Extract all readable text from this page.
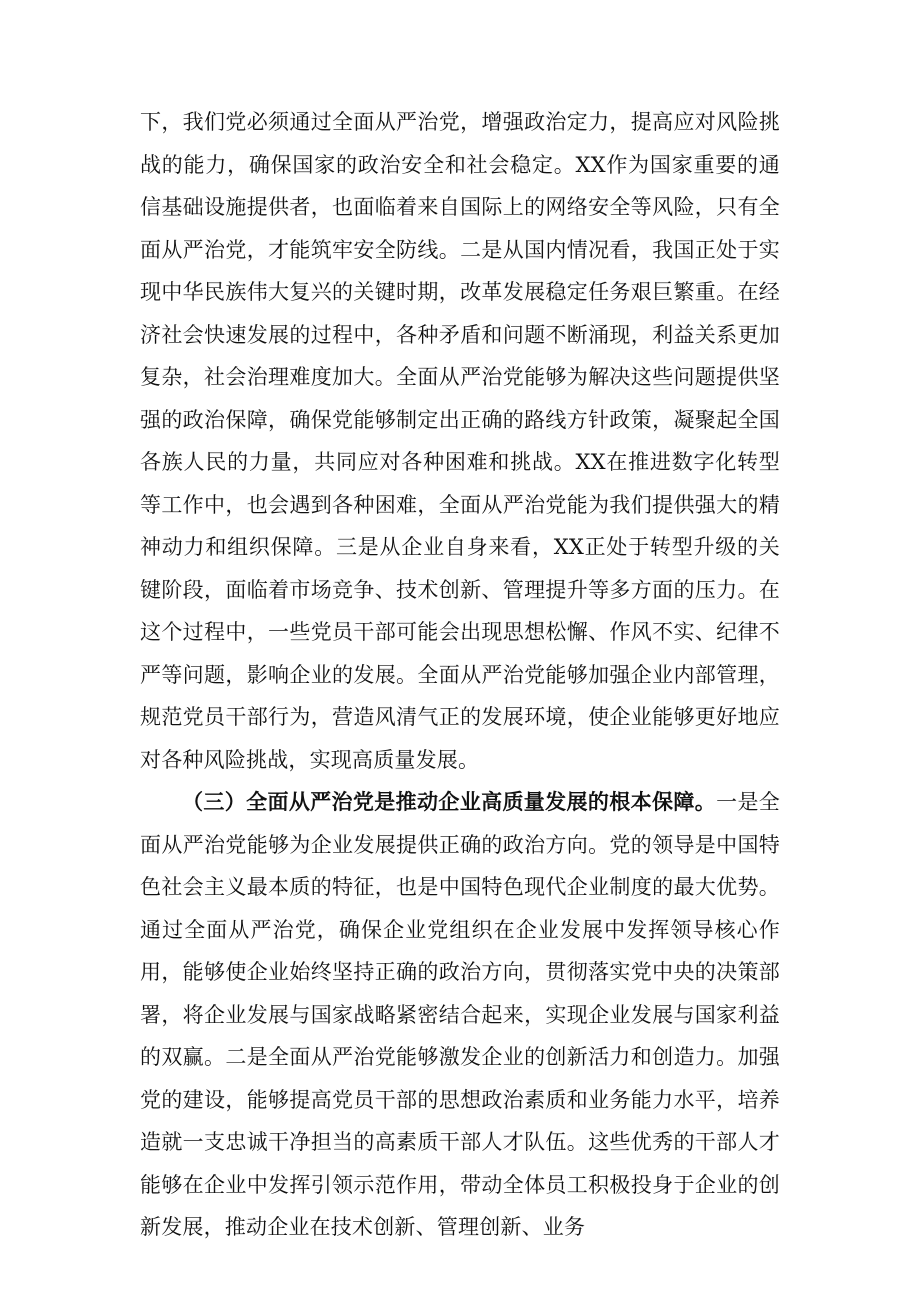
下，我们党必须通过全面从严治党，增强政治定力，提高应对风险挑战的能力，确保国家的政治安全和社会稳定。XX作为国家重要的通信基础设施提供者，也面临着来自国际上的网络安全等风险，只有全面从严治党，才能筑牢安全防线。二是从国内情况看，我国正处于实现中华民族伟大复兴的关键时期，改革发展稳定任务艰巨繁重。在经济社会快速发展的过程中，各种矛盾和问题不断涌现，利益关系更加复杂，社会治理难度加大。全面从严治党能够为解决这些问题提供坚强的政治保障，确保党能够制定出正确的路线方针政策，凝聚起全国各族人民的力量，共同应对各种困难和挑战。XX在推进数字化转型等工作中，也会遇到各种困难，全面从严治党能为我们提供强大的精神动力和组织保障。三是从企业自身来看，XX正处于转型升级的关键阶段，面临着市场竞争、技术创新、管理提升等多方面的压力。在这个过程中，一些党员干部可能会出现思想松懈、作风不实、纪律不严等问题，影响企业的发展。全面从严治党能够加强企业内部管理，规范党员干部行为，营造风清气正的发展环境，使企业能够更好地应对各种风险挑战，实现高质量发展。

（三）全面从严治党是推动企业高质量发展的根本保障。一是全面从严治党能够为企业发展提供正确的政治方向。党的领导是中国特色社会主义最本质的特征，也是中国特色现代企业制度的最大优势。通过全面从严治党，确保企业党组织在企业发展中发挥领导核心作用，能够使企业始终坚持正确的政治方向，贯彻落实党中央的决策部署，将企业发展与国家战略紧密结合起来，实现企业发展与国家利益的双赢。二是全面从严治党能够激发企业的创新活力和创造力。加强党的建设，能够提高党员干部的思想政治素质和业务能力水平，培养造就一支忠诚干净担当的高素质干部人才队伍。这些优秀的干部人才能够在企业中发挥引领示范作用，带动全体员工积极投身于企业的创新发展，推动企业在技术创新、管理创新、业务
